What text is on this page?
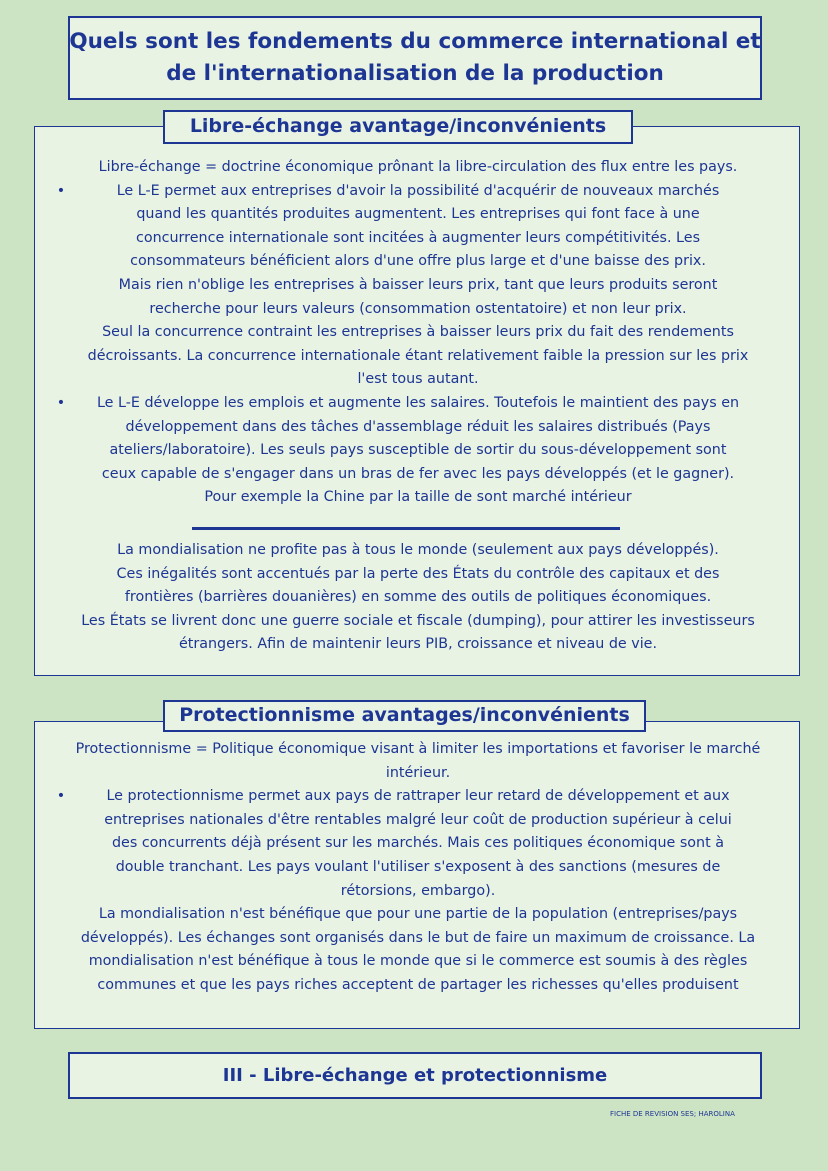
Quels sont les fondements du commerce international et
de l'internationalisation de la production
Libre-échange avantage/inconvénients

Libre-échange = doctrine économique prônant la libre-circulation des flux entre les pays.

•	Le L-E permet aux entreprises d'avoir la possibilité d'acquérir de nouveaux marchés

quand les quantités produites augmentent. Les entreprises qui font face à une

concurrence internationale sont incitées à augmenter leurs compétitivités. Les

consommateurs bénéficient alors d'une offre plus large et d'une baisse des prix.

Mais rien n'oblige les entreprises à baisser leurs prix, tant que leurs produits seront

recherche pour leurs valeurs (consommation ostentatoire) et non leur prix.

Seul la concurrence contraint les entreprises à baisser leurs prix du fait des rendements

décroissants. La concurrence internationale étant relativement faible la pression sur les prix

l'est tous autant.

•	Le L-E développe les emplois et augmente les salaires. Toutefois le maintient des pays en

développement dans des tâches d'assemblage réduit les salaires distribués (Pays

ateliers/laboratoire). Les seuls pays susceptible de sortir du sous-développement sont

ceux capable de s'engager dans un bras de fer avec les pays développés (et le gagner).

Pour exemple la Chine par la taille de sont marché intérieur

La mondialisation ne profite pas à tous le monde (seulement aux pays développés).

Ces inégalités sont accentués par la perte des États du contrôle des capitaux et des

frontières (barrières douanières) en somme des outils de politiques économiques.

Les États se livrent donc une guerre sociale et fiscale (dumping), pour attirer les investisseurs

étrangers. Afin de maintenir leurs PIB, croissance et niveau de vie.

Protectionnisme avantages/inconvénients

Protectionnisme = Politique économique visant à limiter les importations et favoriser le marché

intérieur.

•	Le protectionnisme permet aux pays de rattraper leur retard de développement et aux

entreprises nationales d'être rentables malgré leur coût de production supérieur à celui

des concurrents déjà présent sur les marchés. Mais ces politiques économique sont à

double tranchant. Les pays voulant l'utiliser s'exposent à des sanctions (mesures de

rétorsions, embargo).

La mondialisation n'est bénéfique que pour une partie de la population (entreprises/pays

développés). Les échanges sont organisés dans le but de faire un maximum de croissance. La

mondialisation n'est bénéfique à tous le monde que si le commerce est soumis à des règles

communes et que les pays riches acceptent de partager les richesses qu'elles produisent

III - Libre-échange et protectionnisme
FICHE DE REVISION SES; HAROLINA
